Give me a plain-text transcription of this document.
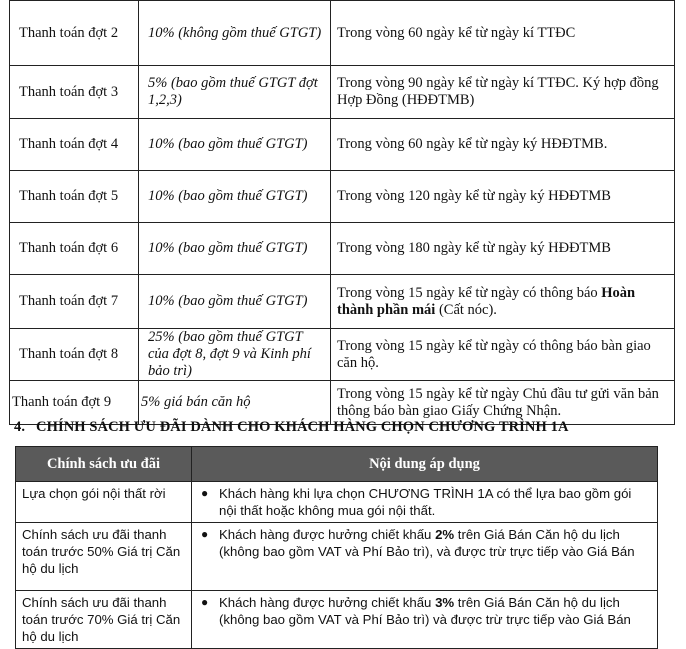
Thanh toán đợt 2	10% (không gồm thuế GTGT)	Trong vòng 60 ngày kể từ ngày kí TTĐC
Thanh toán đợt 3	5% (bao gồm thuế GTGT đợt 1,2,3)	Trong vòng 90 ngày kể từ ngày kí TTĐC. Ký hợp đồng Hợp Đồng (HĐĐTMB)
Thanh toán đợt 4	10% (bao gồm thuế GTGT)	Trong vòng 60 ngày kể từ ngày ký HĐĐTMB.
Thanh toán đợt 5	10% (bao gồm thuế GTGT)	Trong vòng 120 ngày kể từ ngày ký HĐĐTMB
Thanh toán đợt 6	10% (bao gồm thuế GTGT)	Trong vòng 180 ngày kể từ ngày ký HĐĐTMB
Thanh toán đợt 7	10% (bao gồm thuế GTGT)	Trong vòng 15 ngày kể từ ngày có thông báo Hoàn thành phần mái (Cất nóc).
Thanh toán đợt 8	25% (bao gồm thuế GTGT của đợt 8, đợt 9 và Kinh phí bảo trì)	Trong vòng 15 ngày kể từ ngày có thông báo bàn giao căn hộ.
Thanh toán đợt 9	5% giá bán căn hộ	Trong vòng 15 ngày kể từ ngày Chủ đầu tư gửi văn bản thông báo bàn giao Giấy Chứng Nhận.
4. CHÍNH SÁCH ƯU ĐÃI DÀNH CHO KHÁCH HÀNG CHỌN CHƯƠNG TRÌNH 1A
Chính sách ưu đãi	Nội dung áp dụng
Lựa chọn gói nội thất rời	● Khách hàng khi lựa chọn CHƯƠNG TRÌNH 1A có thể lựa bao gồm gói nội thất hoặc không mua gói nội thất.

Chính sách ưu đãi thanh toán trước 50% Giá trị Căn hộ du lịch	● Khách hàng được hưởng chiết khấu 2% trên Giá Bán Căn hộ du lịch (không bao gồm VAT và Phí Bảo trì), và được trừ trực tiếp vào Giá Bán

Chính sách ưu đãi thanh toán trước 70% Giá trị Căn hộ du lịch	● Khách hàng được hưởng chiết khấu 3% trên Giá Bán Căn hộ du lịch (không bao gồm VAT và Phí Bảo trì) và được trừ trực tiếp vào Giá Bán
